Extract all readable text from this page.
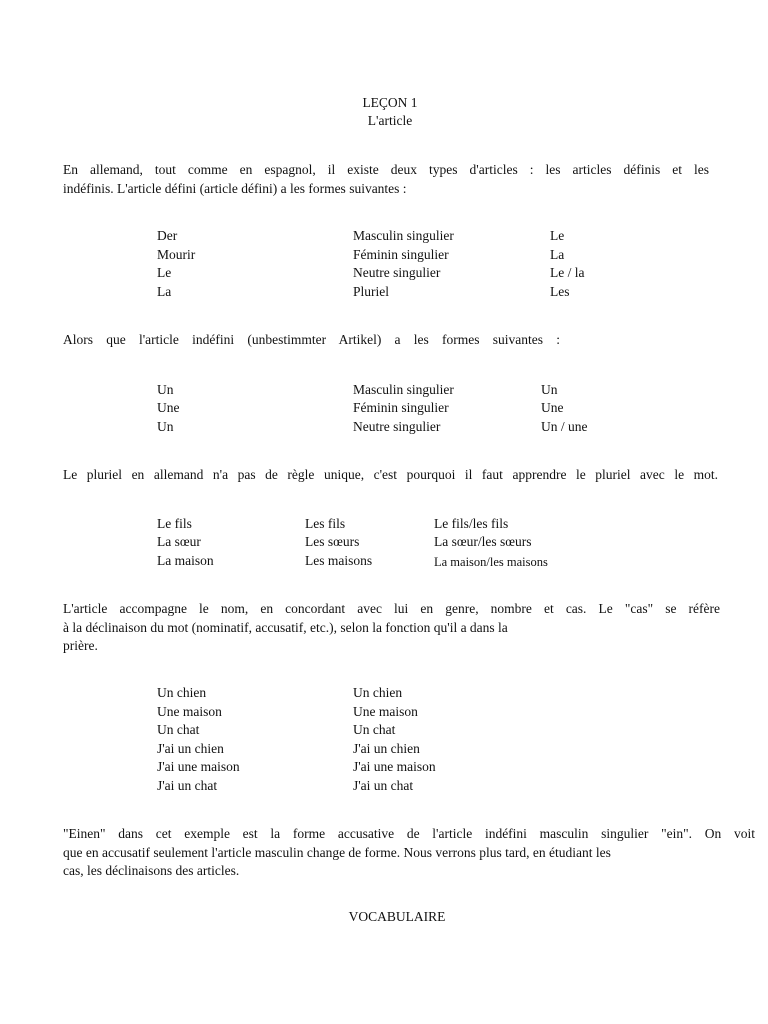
LEÇON 1
L'article
En allemand, tout comme en espagnol, il existe deux types d'articles : les articles définis et les
indéfinis. L'article défini (article défini) a les formes suivantes :
Der	Masculin singulier	Le
Mourir	Féminin singulier	La
Le	Neutre singulier	Le / la
La	Pluriel	Les
Alors que l'article indéfini (unbestimmter Artikel) a les formes suivantes :
Un	Masculin singulier	Un
Une	Féminin singulier	Une
Un	Neutre singulier	Un / une
Le pluriel en allemand n'a pas de règle unique, c'est pourquoi il faut apprendre le pluriel avec le mot.
Le fils	Les fils	Le fils/les fils
La sœur	Les sœurs	La sœur/les sœurs
La maison	Les maisons	La maison/les maisons
L'article accompagne le nom, en concordant avec lui en genre, nombre et cas. Le "cas" se réfère
à la déclinaison du mot (nominatif, accusatif, etc.), selon la fonction qu'il a dans la
prière.
Un chien	Un chien
Une maison	Une maison
Un chat	Un chat
J'ai un chien	J'ai un chien
J'ai une maison	J'ai une maison
J'ai un chat	J'ai un chat
"Einen" dans cet exemple est la forme accusative de l'article indéfini masculin singulier "ein". On voit
que en accusatif seulement l'article masculin change de forme. Nous verrons plus tard, en étudiant les
cas, les déclinaisons des articles.
VOCABULAIRE
